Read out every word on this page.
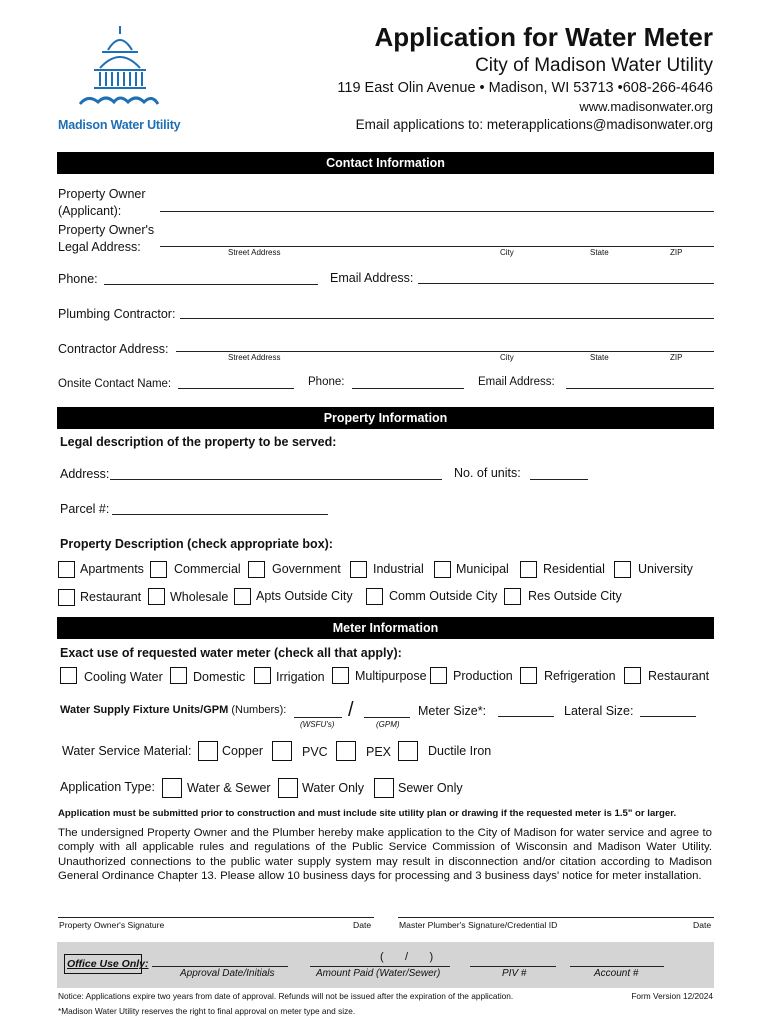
Madison Water Utility
Application for Water Meter
City of Madison Water Utility
119 East Olin Avenue • Madison, WI 53713 •608-266-4646
www.madisonwater.org
Email applications to: meterapplications@madisonwater.org
Contact Information
Property Owner
(Applicant):
Property Owner's
Legal Address:	Street Address	City	State	ZIP
Phone:	Email Address:
Plumbing Contractor:
Contractor Address:
Street Address	City	State	ZIP
Onsite Contact Name:	Phone:	Email Address:
Property Information
Legal description of the property to be served:
Address:	No. of units:
Parcel #:
Property Description (check appropriate box):
Apartments Commercial	Government	Industrial	Municipal	Residential	University
Restaurant Wholesale Apts Outside City	Comm Outside City Res Outside City
Meter Information
Exact use of requested water meter (check all that apply):
Cooling Water Domestic Irrigation Multipurpose Production Refrigeration	Restaurant
Water Supply Fixture Units/GPM (Numbers):	/
(WSFU's)	(GPM)
Meter Size*:	Lateral Size:
Water Service Material: Copper	PVC	PEX	Ductile Iron
Application Type:	Water & Sewer	Water Only	Sewer Only
Application must be submitted prior to construction and must include site utility plan or drawing if the requested meter is 1.5" or larger.
The undersigned Property Owner and the Plumber hereby make application to the City of Madison for water service and agree to comply with all applicable rules and regulations of the Public Service Commission of Wisconsin and Madison Water Utility. Unauthorized connections to the public water supply system may result in disconnection and/or citation according to Madison General Ordinance Chapter 13. Please allow 10 business days for processing and 3 business days' notice for meter installation.
Property Owner's Signature	Date	Master Plumber's Signature/Credential ID	Date
Office Use Only:
Approval Date/Initials
(       /       )
Amount Paid (Water/Sewer)	PIV #	Account #
Notice: Applications expire two years from date of approval. Refunds will not be issued after the expiration of the application.	Form Version 12/2024
*Madison Water Utility reserves the right to final approval on meter type and size.
